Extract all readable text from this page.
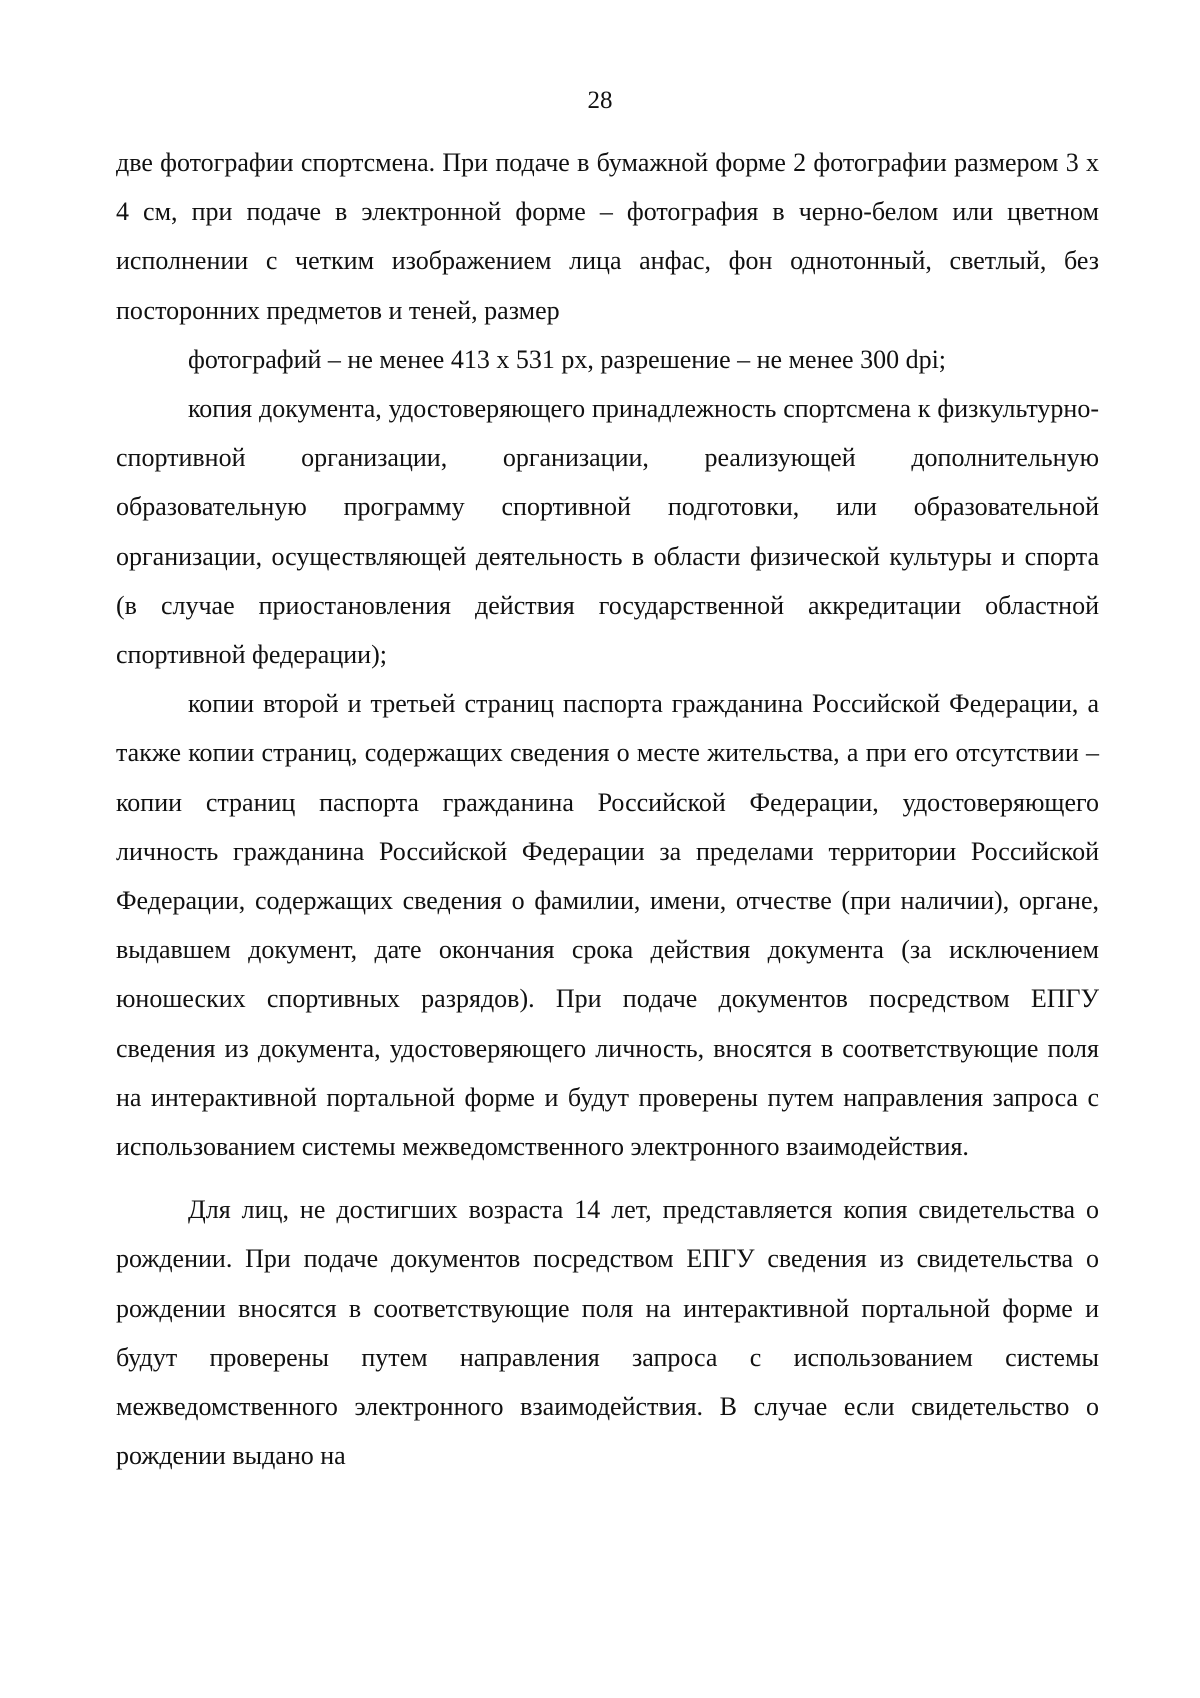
28

две фотографии спортсмена. При подаче в бумажной форме 2 фотографии размером 3 х 4 см, при подаче в электронной форме – фотография в черно-белом или цветном исполнении с четким изображением лица анфас, фон однотонный, светлый, без посторонних предметов и теней, размер

фотографий – не менее 413 х 531 px, разрешение – не менее 300 dpi;

копия документа, удостоверяющего принадлежность спортсмена к физкультурно-спортивной организации, организации, реализующей дополнительную образовательную программу спортивной подготовки, или образовательной организации, осуществляющей деятельность в области физической культуры и спорта (в случае приостановления действия государственной аккредитации областной спортивной федерации);

копии второй и третьей страниц паспорта гражданина Российской Федерации, а также копии страниц, содержащих сведения о месте жительства, а при его отсутствии – копии страниц паспорта гражданина Российской Федерации, удостоверяющего личность гражданина Российской Федерации за пределами территории Российской Федерации, содержащих сведения о фамилии, имени, отчестве (при наличии), органе, выдавшем документ, дате окончания срока действия документа (за исключением юношеских спортивных разрядов). При подаче документов посредством ЕПГУ сведения из документа, удостоверяющего личность, вносятся в соответствующие поля на интерактивной портальной форме и будут проверены путем направления запроса с использованием системы межведомственного электронного взаимодействия.

Для лиц, не достигших возраста 14 лет, представляется копия свидетельства о рождении. При подаче документов посредством ЕПГУ сведения из свидетельства о рождении вносятся в соответствующие поля на интерактивной портальной форме и будут проверены путем направления запроса с использованием системы межведомственного электронного взаимодействия. В случае если свидетельство о рождении выдано на
